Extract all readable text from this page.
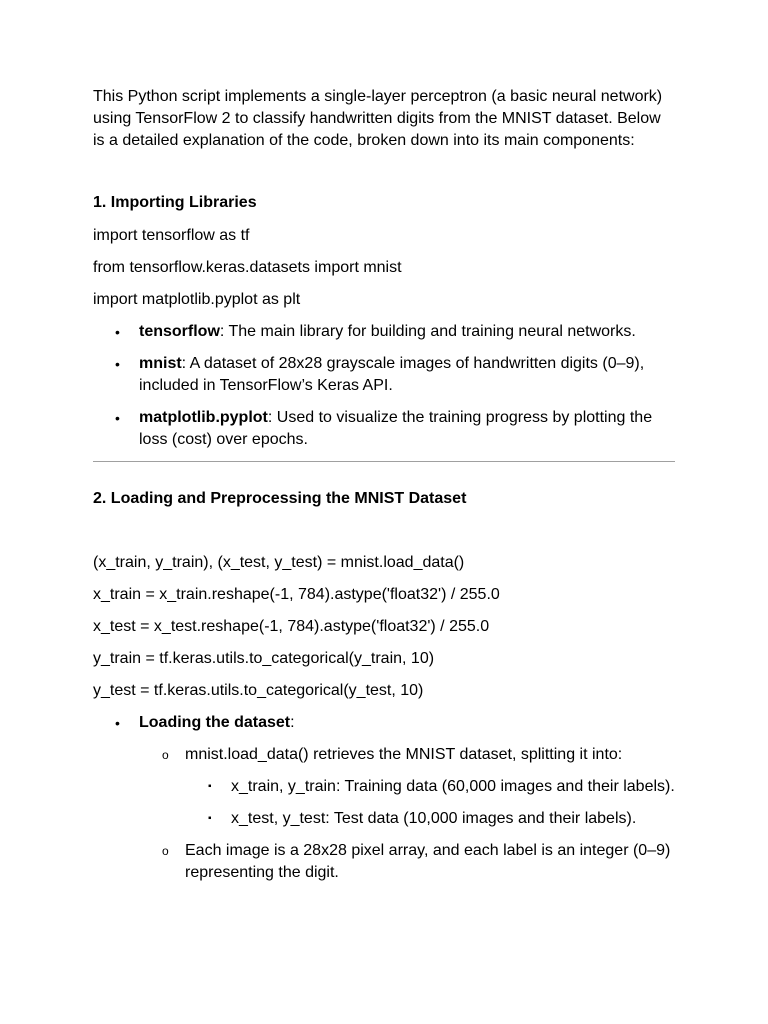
This Python script implements a single-layer perceptron (a basic neural network) using TensorFlow 2 to classify handwritten digits from the MNIST dataset. Below is a detailed explanation of the code, broken down into its main components:

1. Importing Libraries

import tensorflow as tf

from tensorflow.keras.datasets import mnist

import matplotlib.pyplot as plt

• tensorflow: The main library for building and training neural networks.
• mnist: A dataset of 28x28 grayscale images of handwritten digits (0–9), included in TensorFlow’s Keras API.
• matplotlib.pyplot: Used to visualize the training progress by plotting the loss (cost) over epochs.

2. Loading and Preprocessing the MNIST Dataset

(x_train, y_train), (x_test, y_test) = mnist.load_data()

x_train = x_train.reshape(-1, 784).astype('float32') / 255.0

x_test = x_test.reshape(-1, 784).astype('float32') / 255.0

y_train = tf.keras.utils.to_categorical(y_train, 10)

y_test = tf.keras.utils.to_categorical(y_test, 10)

• Loading the dataset:
o mnist.load_data() retrieves the MNIST dataset, splitting it into:
▪ x_train, y_train: Training data (60,000 images and their labels).
▪ x_test, y_test: Test data (10,000 images and their labels).
o Each image is a 28x28 pixel array, and each label is an integer (0–9) representing the digit.
